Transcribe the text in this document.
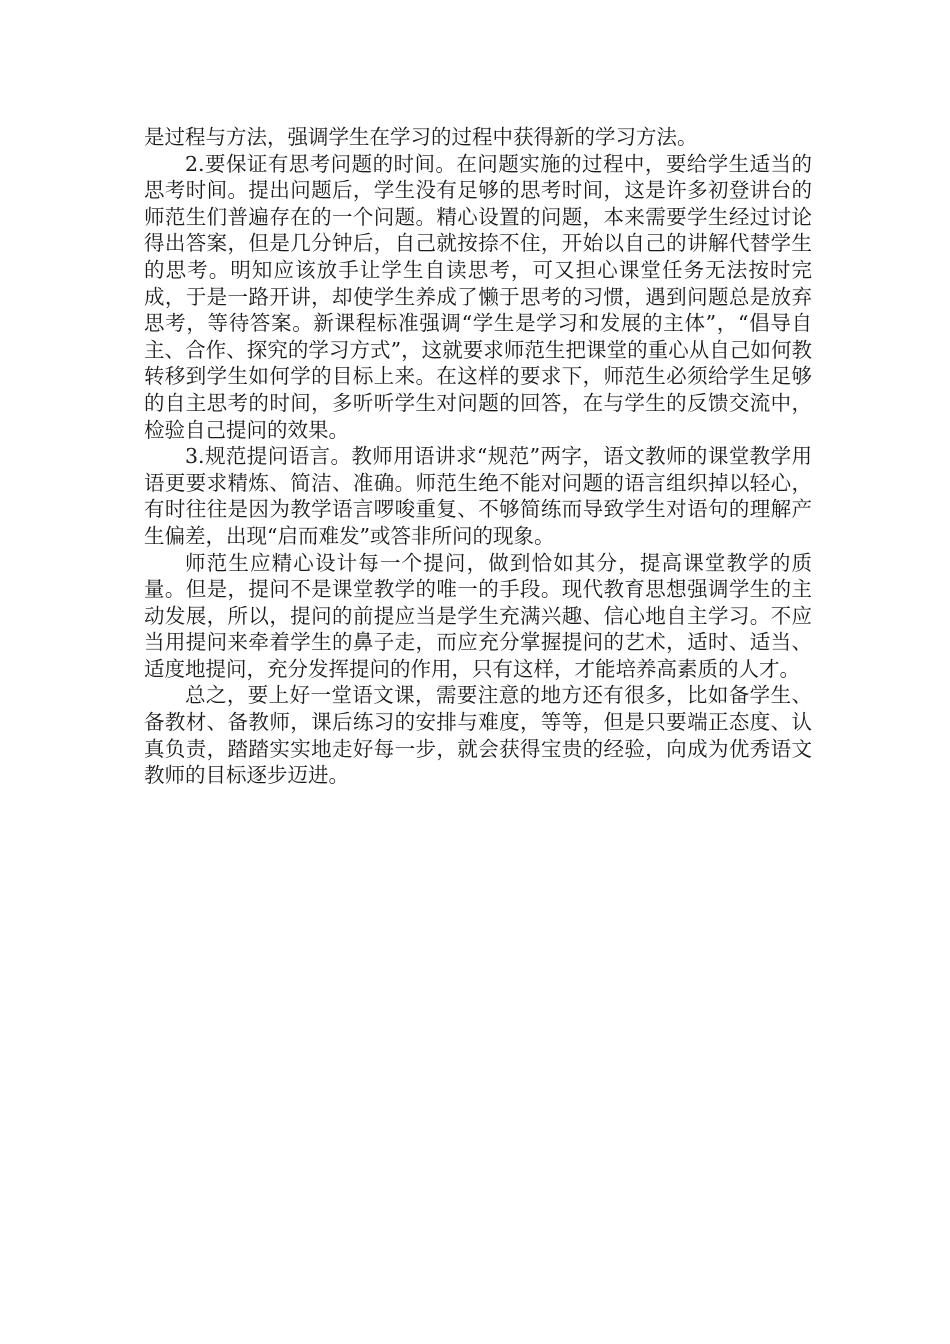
是过程与方法，强调学生在学习的过程中获得新的学习方法。

2.要保证有思考问题的时间。在问题实施的过程中，要给学生适当的思考时间。提出问题后，学生没有足够的思考时间，这是许多初登讲台的师范生们普遍存在的一个问题。精心设置的问题，本来需要学生经过讨论得出答案，但是几分钟后，自己就按捺不住，开始以自己的讲解代替学生的思考。明知应该放手让学生自读思考，可又担心课堂任务无法按时完成，于是一路开讲，却使学生养成了懒于思考的习惯，遇到问题总是放弃思考，等待答案。新课程标准强调“学生是学习和发展的主体”，“倡导自主、合作、探究的学习方式”，这就要求师范生把课堂的重心从自己如何教转移到学生如何学的目标上来。在这样的要求下，师范生必须给学生足够的自主思考的时间，多听听学生对问题的回答，在与学生的反馈交流中，检验自己提问的效果。

3.规范提问语言。教师用语讲求“规范”两字，语文教师的课堂教学用语更要求精炼、简洁、准确。师范生绝不能对问题的语言组织掉以轻心，有时往往是因为教学语言啰唆重复、不够简练而导致学生对语句的理解产生偏差，出现“启而难发”或答非所问的现象。

师范生应精心设计每一个提问，做到恰如其分，提高课堂教学的质量。但是，提问不是课堂教学的唯一的手段。现代教育思想强调学生的主动发展，所以，提问的前提应当是学生充满兴趣、信心地自主学习。不应当用提问来牵着学生的鼻子走，而应充分掌握提问的艺术，适时、适当、适度地提问，充分发挥提问的作用，只有这样，才能培养高素质的人才。

总之，要上好一堂语文课，需要注意的地方还有很多，比如备学生、备教材、备教师，课后练习的安排与难度，等等，但是只要端正态度、认真负责，踏踏实实地走好每一步，就会获得宝贵的经验，向成为优秀语文教师的目标逐步迈进。
